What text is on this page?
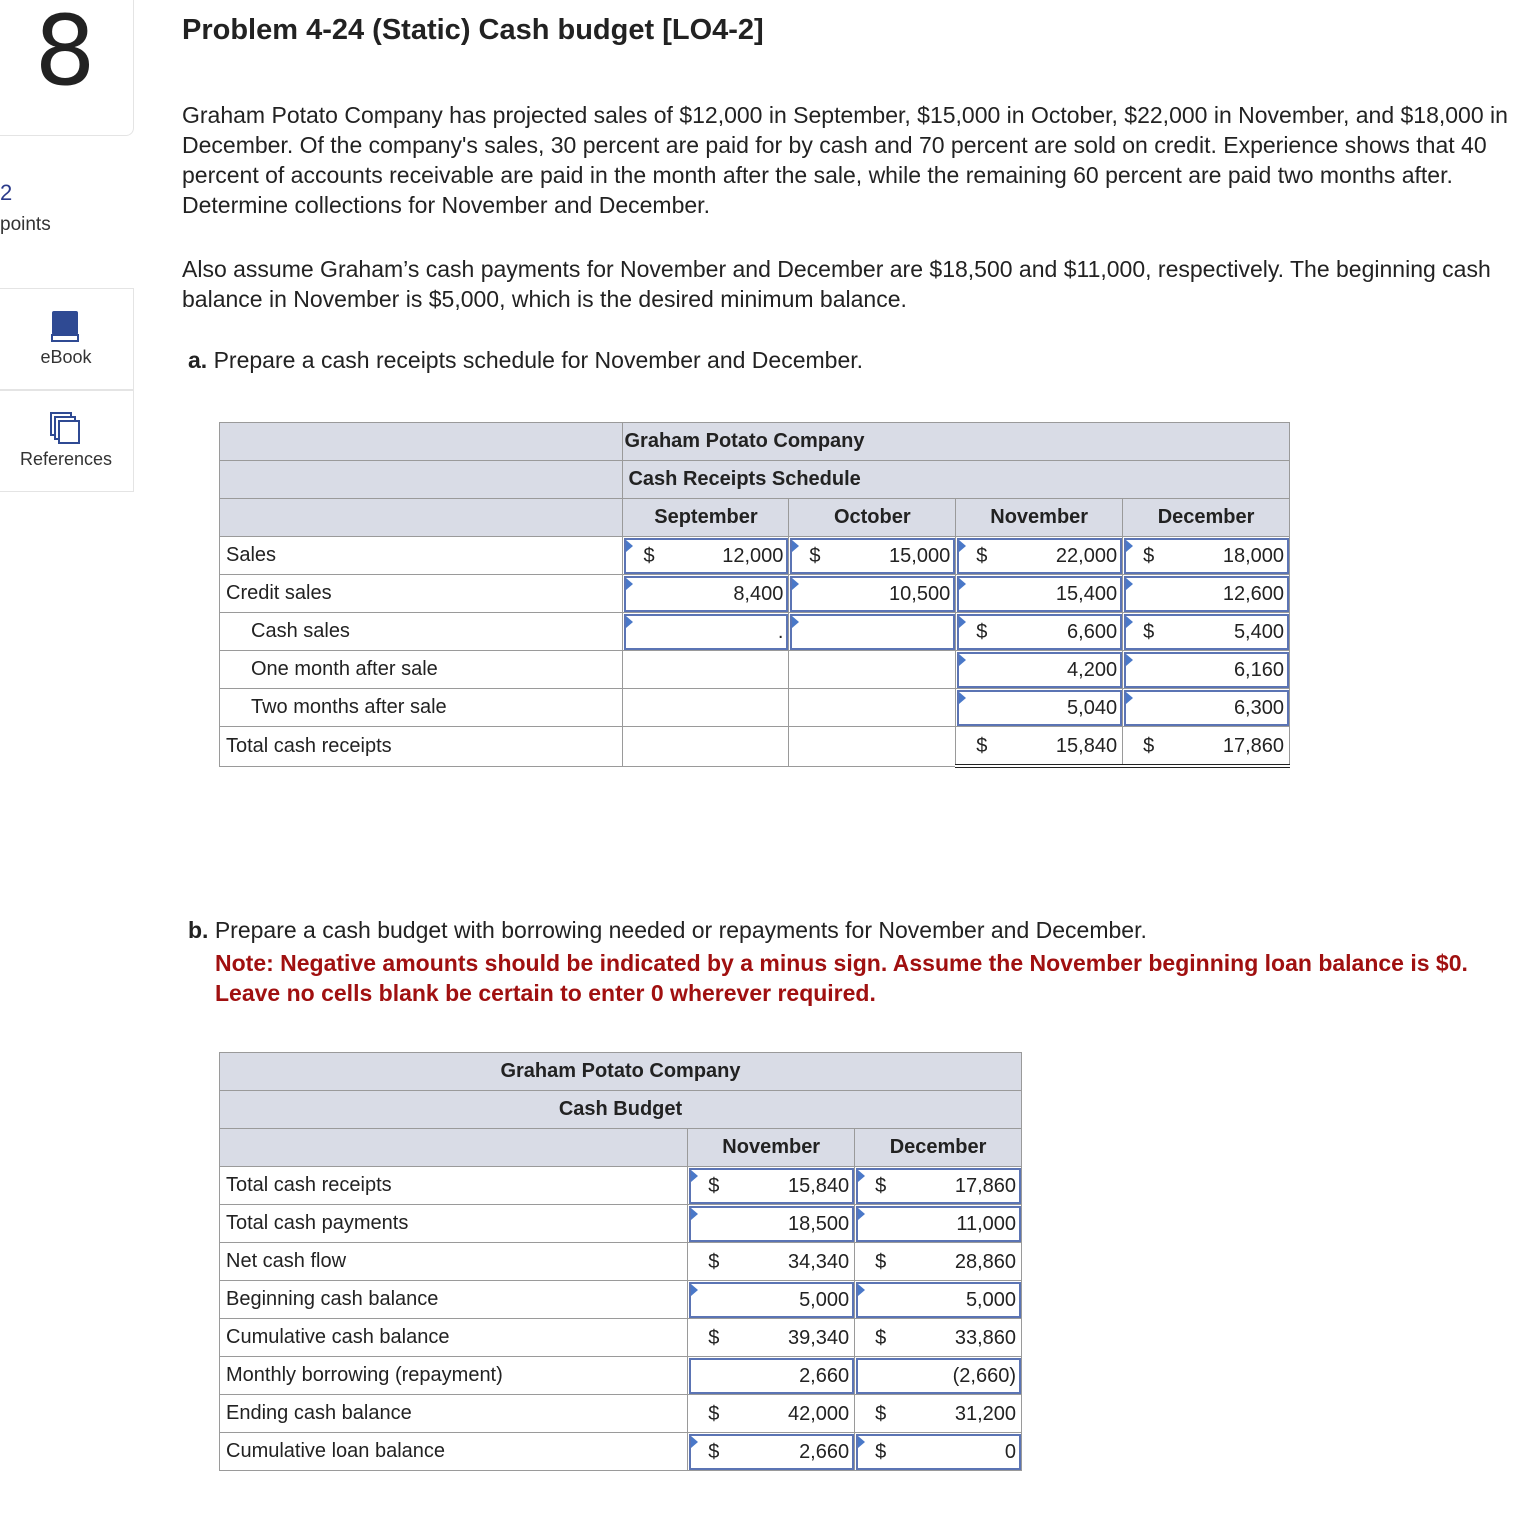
8
2
points
eBook
References
Problem 4-24 (Static) Cash budget [LO4-2]
Graham Potato Company has projected sales of $12,000 in September, $15,000 in October, $22,000 in November, and $18,000 in December. Of the company's sales, 30 percent are paid for by cash and 70 percent are sold on credit. Experience shows that 40 percent of accounts receivable are paid in the month after the sale, while the remaining 60 percent are paid two months after. Determine collections for November and December.
Also assume Graham’s cash payments for November and December are $18,500 and $11,000, respectively. The beginning cash balance in November is $5,000, which is the desired minimum balance.
a. Prepare a cash receipts schedule for November and December.
	Graham Potato Company			
	Cash Receipts Schedule			
	September	October	November	December
Sales	$ 12,000	$ 15,000	$ 22,000	$ 18,000

Credit sales	8,400	10,500	15,400	12,600

Cash sales	.		$ 6,600	$ 5,400

One month after sale			4,200	6,160

Two months after sale			5,040	6,300

Total cash receipts			$ 15,840	$ 17,860
b. Prepare a cash budget with borrowing needed or repayments for November and December.
Note: Negative amounts should be indicated by a minus sign. Assume the November beginning loan balance is $0. Leave no cells blank be certain to enter 0 wherever required.
Graham Potato Company		
Cash Budget		
	November	December
Total cash receipts	$ 15,840	$ 17,860

Total cash payments	18,500	11,000

Net cash flow	$ 34,340	$ 28,860

Beginning cash balance	5,000	5,000

Cumulative cash balance	$ 39,340	$ 33,860

Monthly borrowing (repayment)	2,660	(2,660)

Ending cash balance	$ 42,000	$ 31,200

Cumulative loan balance	$ 2,660	$ 0
